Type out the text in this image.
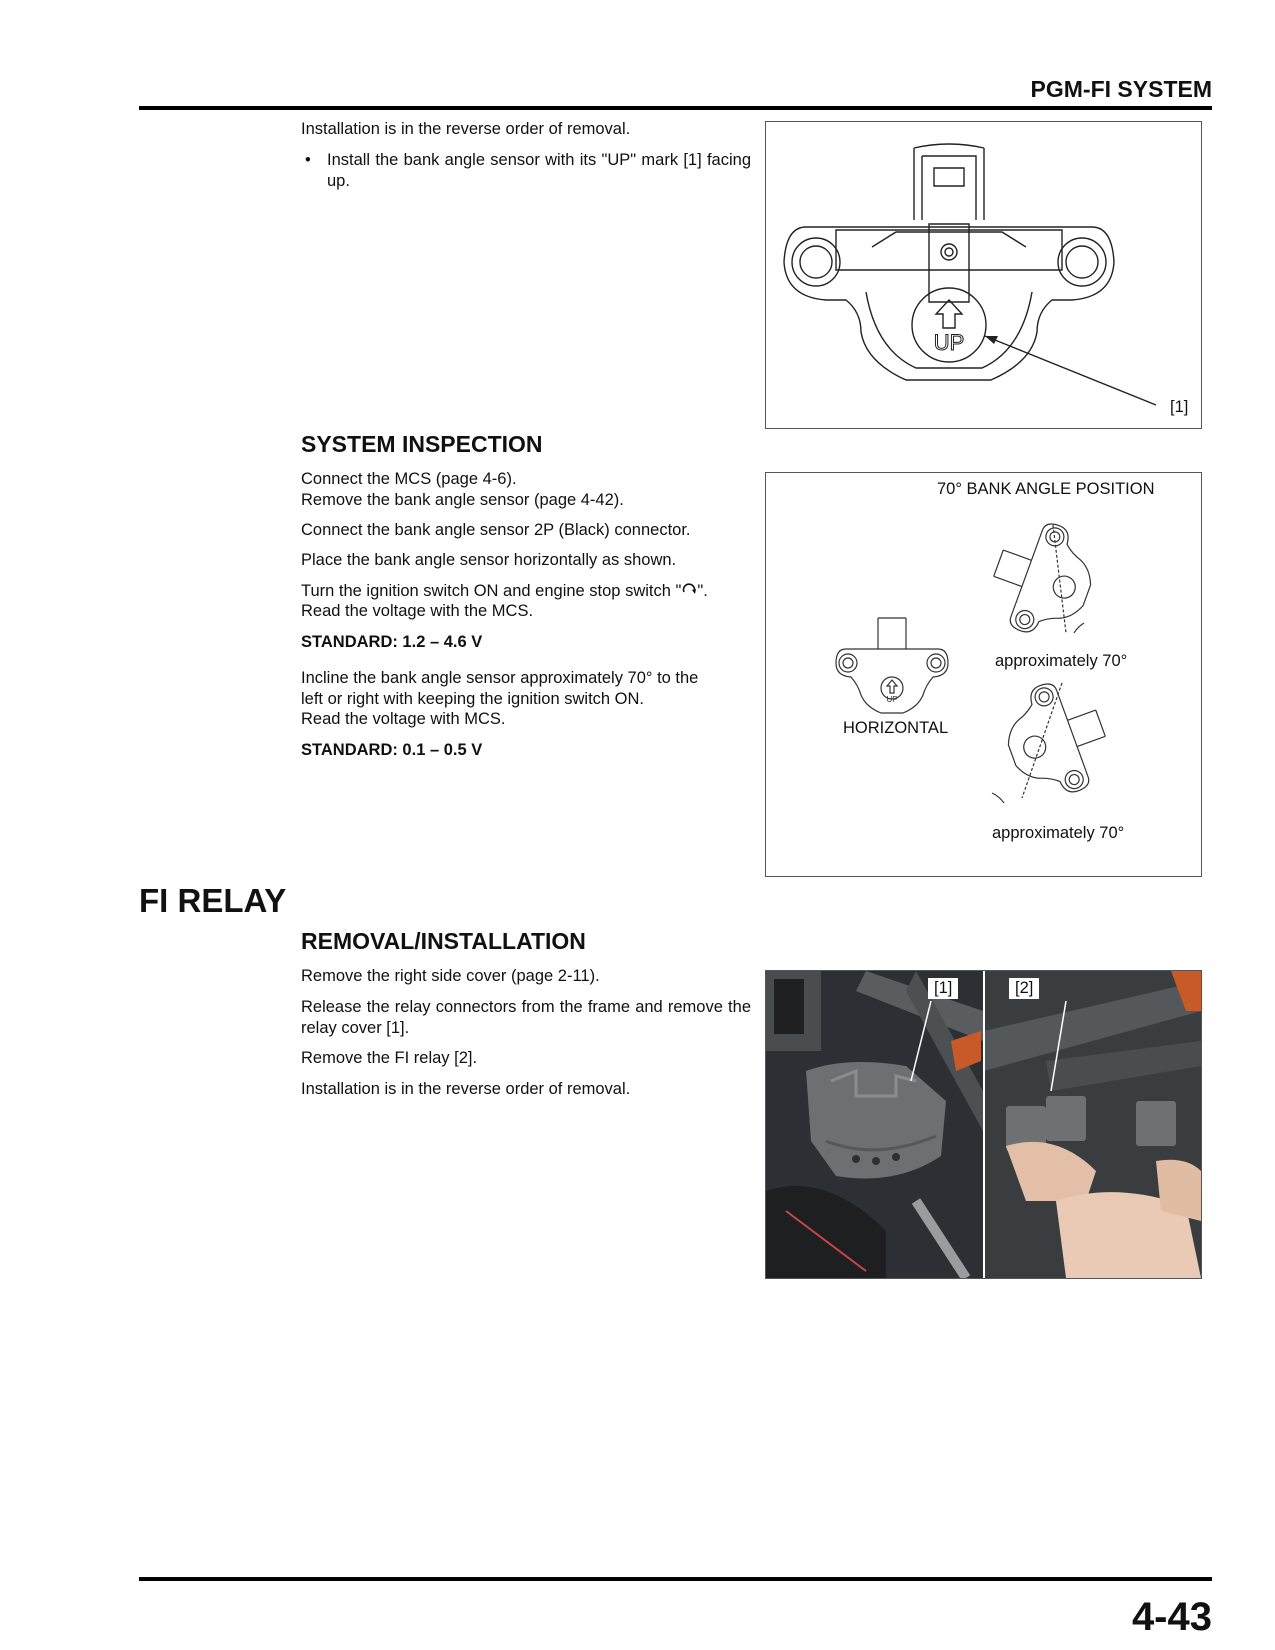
PGM-FI SYSTEM
Installation is in the reverse order of removal.
• Install the bank angle sensor with its "UP" mark [1] facing up.
UP
[1]
SYSTEM INSPECTION
Connect the MCS (page 4-6).
Remove the bank angle sensor (page 4-42).
Connect the bank angle sensor 2P (Black) connector.
Place the bank angle sensor horizontally as shown.
Turn the ignition switch ON and engine stop switch " ".
Read the voltage with the MCS.
STANDARD: 1.2 – 4.6 V
Incline the bank angle sensor approximately 70° to the
left or right with keeping the ignition switch ON.
Read the voltage with MCS.
STANDARD: 0.1 – 0.5 V
UP
70° BANK ANGLE POSITION
approximately 70°
HORIZONTAL
approximately 70°
FI RELAY
REMOVAL/INSTALLATION
Remove the right side cover (page 2-11).
Release the relay connectors from the frame and remove the relay cover [1].
Remove the FI relay [2].
Installation is in the reverse order of removal.
[1]	[2]
4-43
